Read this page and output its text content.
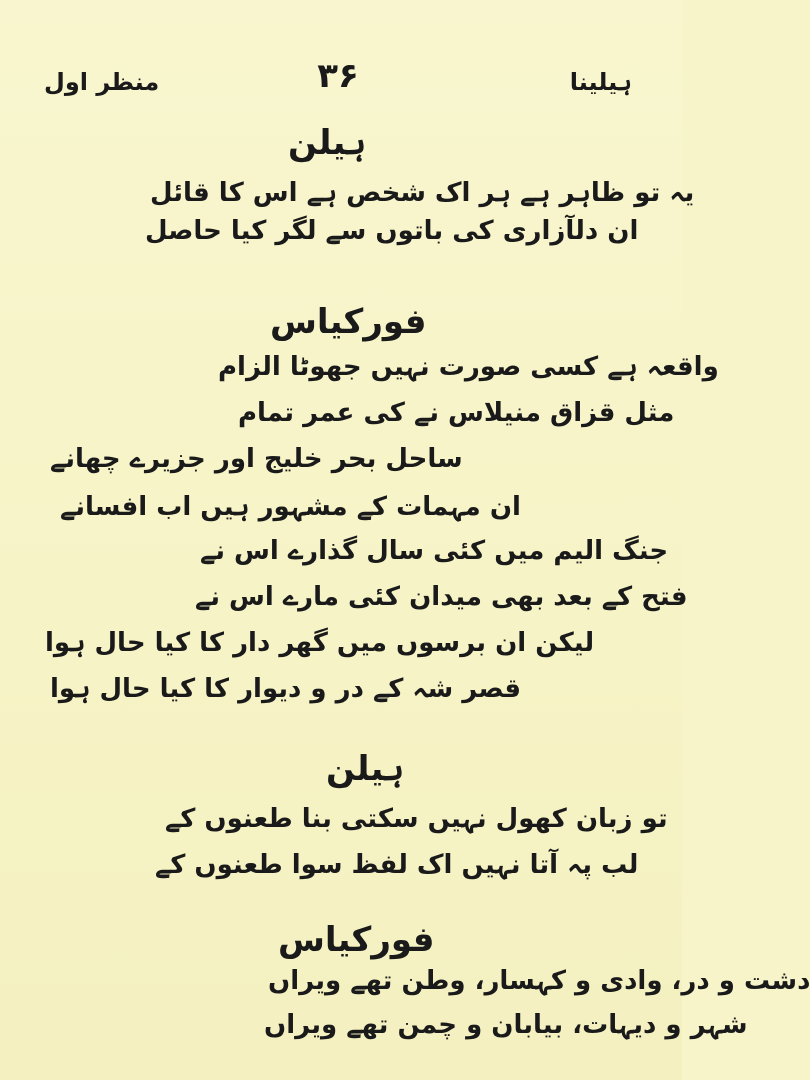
منظر اول	۳۶	ہیلینا
ہیلن
یہ تو ظاہر ہے ہر اک شخص ہے اس کا قائل
ان دلآزاری کی باتوں سے لگر کیا حاصل
فورکیاس
واقعہ ہے کسی صورت نہیں جھوٹا الزام
مثل قزاق منیلاس نے کی عمر تمام
ساحل بحر خلیج اور جزیرے چھانے
ان مہمات کے مشہور ہیں اب افسانے
جنگ الیم میں کئی سال گذارے اس نے
فتح کے بعد بھی میدان کئی مارے اس نے
لیکن ان برسوں میں گھر دار کا کیا حال ہوا
قصر شہ کے در و دیوار کا کیا حال ہوا
ہیلن
تو زبان کھول نہیں سکتی بنا طعنوں کے
لب پہ آتا نہیں اک لفظ سوا طعنوں کے
فورکیاس
دشت و در، وادی و کہسار، وطن تھے ویراں
شہر و دیہات، بیابان و چمن تھے ویراں
